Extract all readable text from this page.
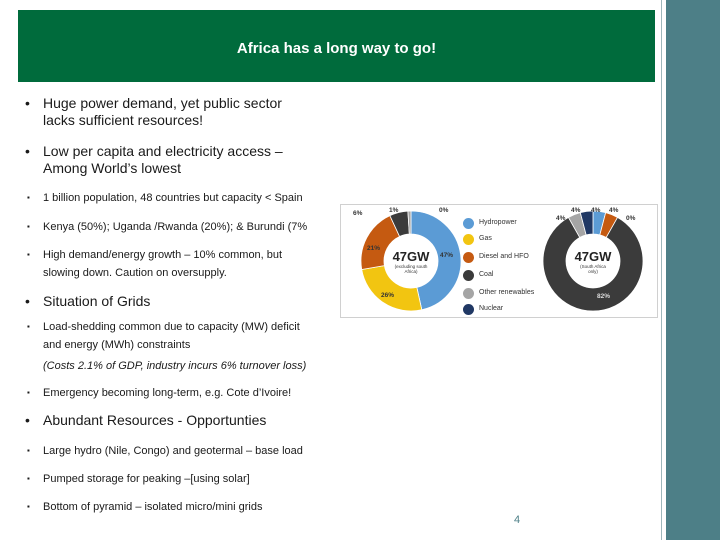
Africa has a long way to go!
• Huge power demand, yet public sector
lacks sufficient resources!
• Low per capita and electricity access –
Among World’s lowest
▪ 1 billion population, 48 countries but capacity < Spain
▪ Kenya (50%); Uganda /Rwanda (20%); & Burundi (7%
▪ High demand/energy growth – 10% common, but
slowing down. Caution on oversupply.
• Situation of Grids
▪ Load-shedding common due to capacity (MW) deficit
and energy (MWh) constraints
(Costs 2.1% of GDP, industry incurs 6% turnover loss)
▪ Emergency becoming long-term, e.g. Cote d’Ivoire!
• Abundant Resources - Opportunties
▪ Large hydro (Nile, Congo) and geotermal – base load
▪ Pumped storage for peaking –[using solar]
▪ Bottom of pyramid – isolated micro/mini grids
4
47GW
(excluding south
Africa)
47%
26%
21%
6%	1%	0%
Hydropower
Gas
Diesel and HFO
Coal
Other renewables
Nuclear
47GW
(South Africa
only)
4%
0%
4%
82%
4%
4%
